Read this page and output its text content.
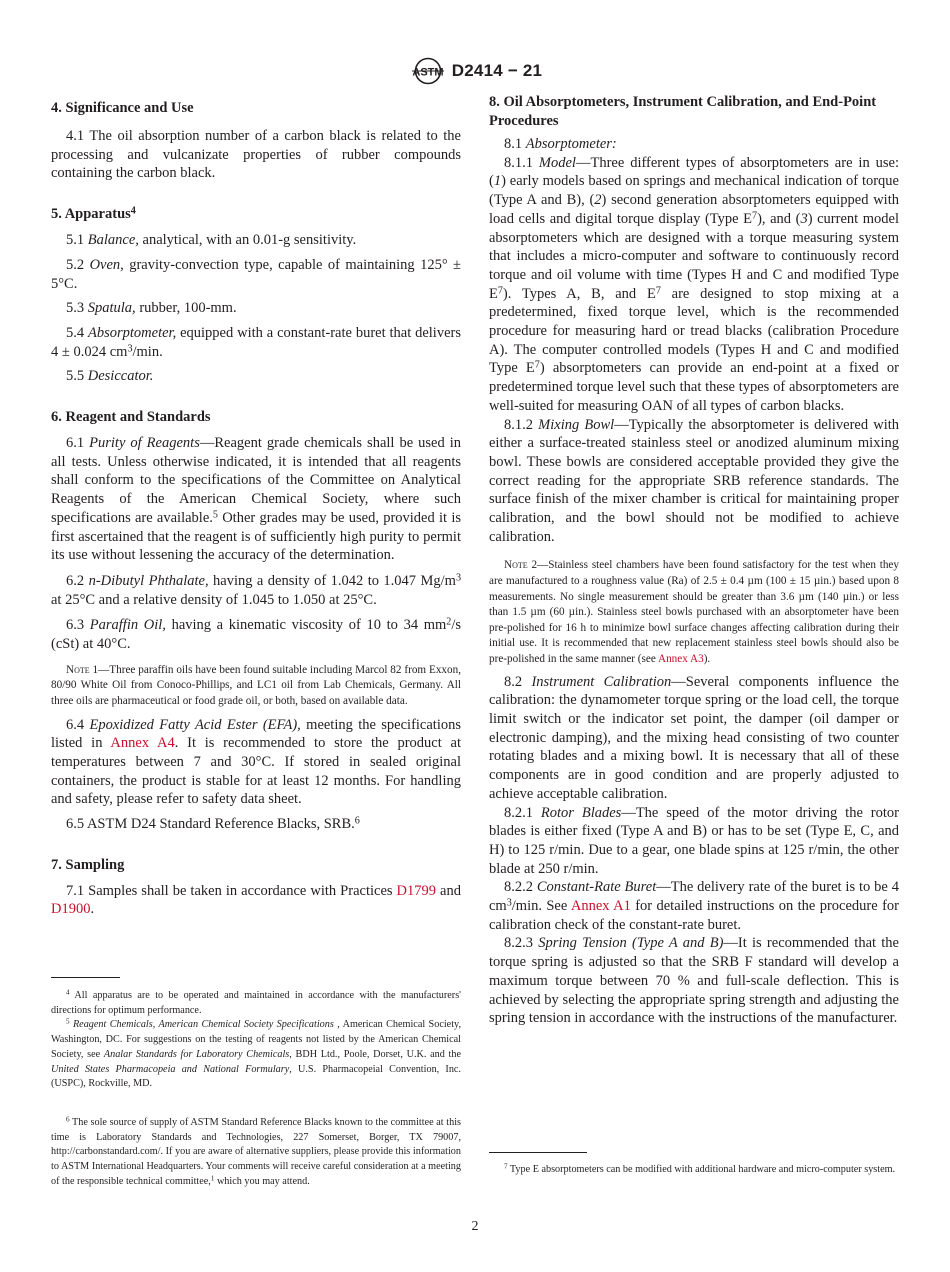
ASTM D2414 − 21
4. Significance and Use
4.1 The oil absorption number of a carbon black is related to the processing and vulcanizate properties of rubber compounds containing the carbon black.
5. Apparatus$^4$
5.1 Balance, analytical, with an 0.01-g sensitivity.
5.2 Oven, gravity-convection type, capable of maintaining 125° ± 5°C.
5.3 Spatula, rubber, 100-mm.
5.4 Absorptometer, equipped with a constant-rate buret that delivers 4 ± 0.024 $cm^3/\min$.
5.5 Desiccator.
6. Reagent and Standards
6.1 Purity of Reagents—Reagent grade chemicals shall be used in all tests. Unless otherwise indicated, it is intended that all reagents shall conform to the specifications of the Committee on Analytical Reagents of the American Chemical Society, where such specifications are available.$^5$ Other grades may be used, provided it is first ascertained that the reagent is of sufficiently high purity to permit its use without lessening the accuracy of the determination.
6.2 n-Dibutyl Phthalate, having a density of 1.042 to 1.047 $Mg/m^3$ at 25°C and a relative density of 1.045 to 1.050 at 25°C.
6.3 Paraffin Oil, having a kinematic viscosity of 10 to 34 $mm^2/s$ (cSt) at 40°C.
Note 1—Three paraffin oils have been found suitable including Marcol 82 from Exxon, 80/90 White Oil from Conoco-Phillips, and LC1 oil from Lab Chemicals, Germany. All three oils are pharmaceutical or food grade oil, or both, based on available data.
6.4 Epoxidized Fatty Acid Ester (EFA), meeting the specifications listed in Annex A4. It is recommended to store the product at temperatures between 7 and 30°C. If stored in sealed original containers, the product is stable for at least 12 months. For handling and safety, please refer to safety data sheet.
6.5 ASTM D24 Standard Reference Blacks, SRB.$^6$
7. Sampling
7.1 Samples shall be taken in accordance with Practices D1799 and D1900.
8. Oil Absorptometers, Instrument Calibration, and End-Point Procedures
8.1 Absorptometer:
8.1.1 Model—Three different types of absorptometers are in use: (1) early models based on springs and mechanical indication of torque (Type A and B), (2) second generation absorptometers equipped with load cells and digital torque display (Type $E^7$), and (3) current model absorptometers which are designed with a torque measuring system that includes a micro-computer and software to continuously record torque and oil volume with time (Types H and C and modified Type $E^7$). Types A, B, and $E^7$ are designed to stop mixing at a predetermined, fixed torque level, which is the recommended procedure for measuring hard or tread blacks (calibration Procedure A). The computer controlled models (Types H and C and modified Type $E^7$) absorptometers can provide an end-point at a fixed or predetermined torque level such that these types of absorptometers are well-suited for measuring OAN of all types of carbon blacks.
8.1.2 Mixing Bowl—Typically the absorptometer is delivered with either a surface-treated stainless steel or anodized aluminum mixing bowl. These bowls are considered acceptable provided they give the correct reading for the appropriate SRB reference standards. The surface finish of the mixer chamber is critical for maintaining proper calibration, and the bowl should not be modified to achieve calibration.
Note 2—Stainless steel chambers have been found satisfactory for the test when they are manufactured to a roughness value (Ra) of 2.5 ± 0.4 µm (100 ± 15 µin.) based upon 8 measurements. No single measurement should be greater than 3.6 µm (140 µin.) or less than 1.5 µm (60 µin.). Stainless steel bowls purchased with an absorptometer have been pre-polished for 16 h to minimize bowl surface changes affecting calibration during their initial use. It is recommended that new replacement stainless steel bowls should also be pre-polished in the same manner (see Annex A3).
8.2 Instrument Calibration—Several components influence the calibration: the dynamometer torque spring or the load cell, the torque limit switch or the indicator set point, the damper (oil damper or electronic damping), and the mixing head consisting of two counter rotating blades and a mixing bowl. It is necessary that all of these components are in good condition and are properly adjusted to achieve acceptable calibration.
8.2.1 Rotor Blades—The speed of the motor driving the rotor blades is either fixed (Type A and B) or has to be set (Type E, C, and H) to 125 r/min. Due to a gear, one blade spins at 125 r/min, the other blade at 250 r/min.
8.2.2 Constant-Rate Buret—The delivery rate of the buret is to be 4 $cm^3/\min$. See Annex A1 for detailed instructions on the procedure for calibration check of the constant-rate buret.
8.2.3 Spring Tension (Type A and B)—It is recommended that the torque spring is adjusted so that the SRB F standard will develop a maximum torque between 70 % and full-scale deflection. This is achieved by selecting the appropriate spring strength and adjusting the spring tension in accordance with the instructions of the manufacturer.
$^4$ All apparatus are to be operated and maintained in accordance with the manufacturers' directions for optimum performance.
$^5$ Reagent Chemicals, American Chemical Society Specifications , American Chemical Society, Washington, DC. For suggestions on the testing of reagents not listed by the American Chemical Society, see Analar Standards for Laboratory Chemicals, BDH Ltd., Poole, Dorset, U.K. and the United States Pharmacopeia and National Formulary, U.S. Pharmacopeial Convention, Inc. (USPC), Rockville, MD.
$^6$ The sole source of supply of ASTM Standard Reference Blacks known to the committee at this time is Laboratory Standards and Technologies, 227 Somerset, Borger, TX 79007, http://carbonstandard.com/. If you are aware of alternative suppliers, please provide this information to ASTM International Headquarters. Your comments will receive careful consideration at a meeting of the responsible technical committee,$^1$ which you may attend.
$^7$ Type E absorptometers can be modified with additional hardware and micro-computer system.
2
